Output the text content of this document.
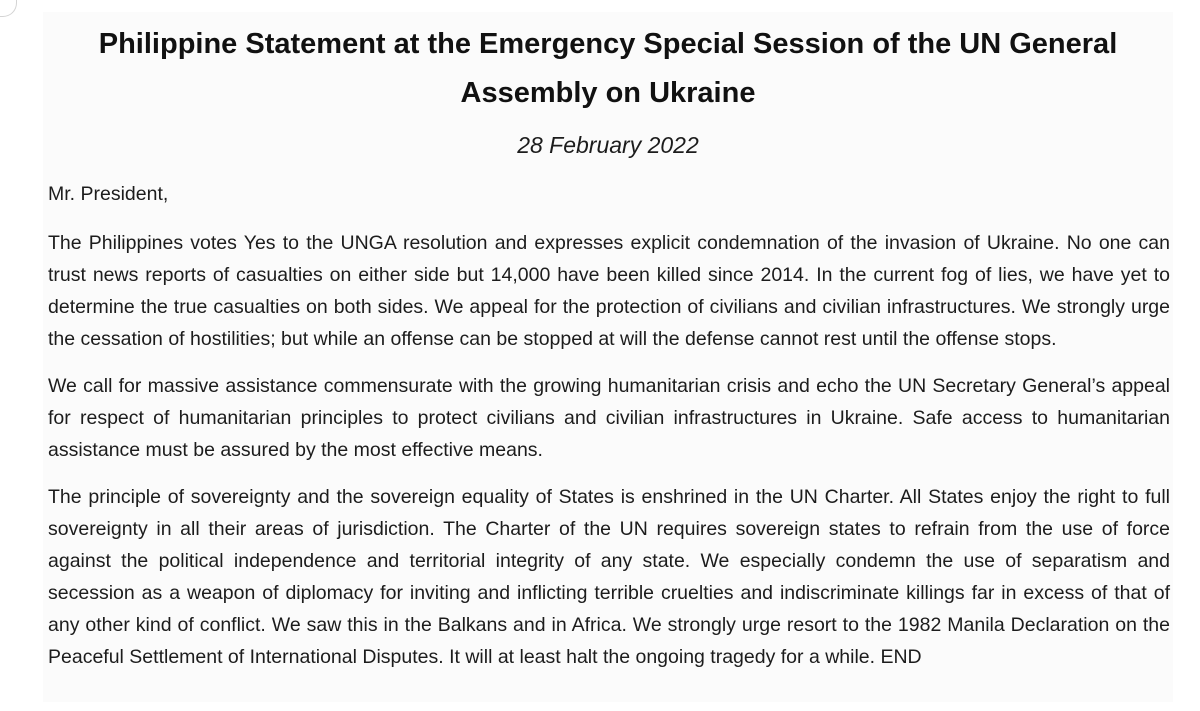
Philippine Statement at the Emergency Special Session of the UN General Assembly on Ukraine
28 February 2022

Mr. President,

The Philippines votes Yes to the UNGA resolution and expresses explicit condemnation of the invasion of Ukraine. No one can trust news reports of casualties on either side but 14,000 have been killed since 2014. In the current fog of lies, we have yet to determine the true casualties on both sides. We appeal for the protection of civilians and civilian infrastructures. We strongly urge the cessation of hostilities; but while an offense can be stopped at will the defense cannot rest until the offense stops.

We call for massive assistance commensurate with the growing humanitarian crisis and echo the UN Secretary General’s appeal for respect of humanitarian principles to protect civilians and civilian infrastructures in Ukraine. Safe access to humanitarian assistance must be assured by the most effective means.

The principle of sovereignty and the sovereign equality of States is enshrined in the UN Charter. All States enjoy the right to full sovereignty in all their areas of jurisdiction. The Charter of the UN requires sovereign states to refrain from the use of force against the political independence and territorial integrity of any state. We especially condemn the use of separatism and secession as a weapon of diplomacy for inviting and inflicting terrible cruelties and indiscriminate killings far in excess of that of any other kind of conflict. We saw this in the Balkans and in Africa. We strongly urge resort to the 1982 Manila Declaration on the Peaceful Settlement of International Disputes. It will at least halt the ongoing tragedy for a while. END
